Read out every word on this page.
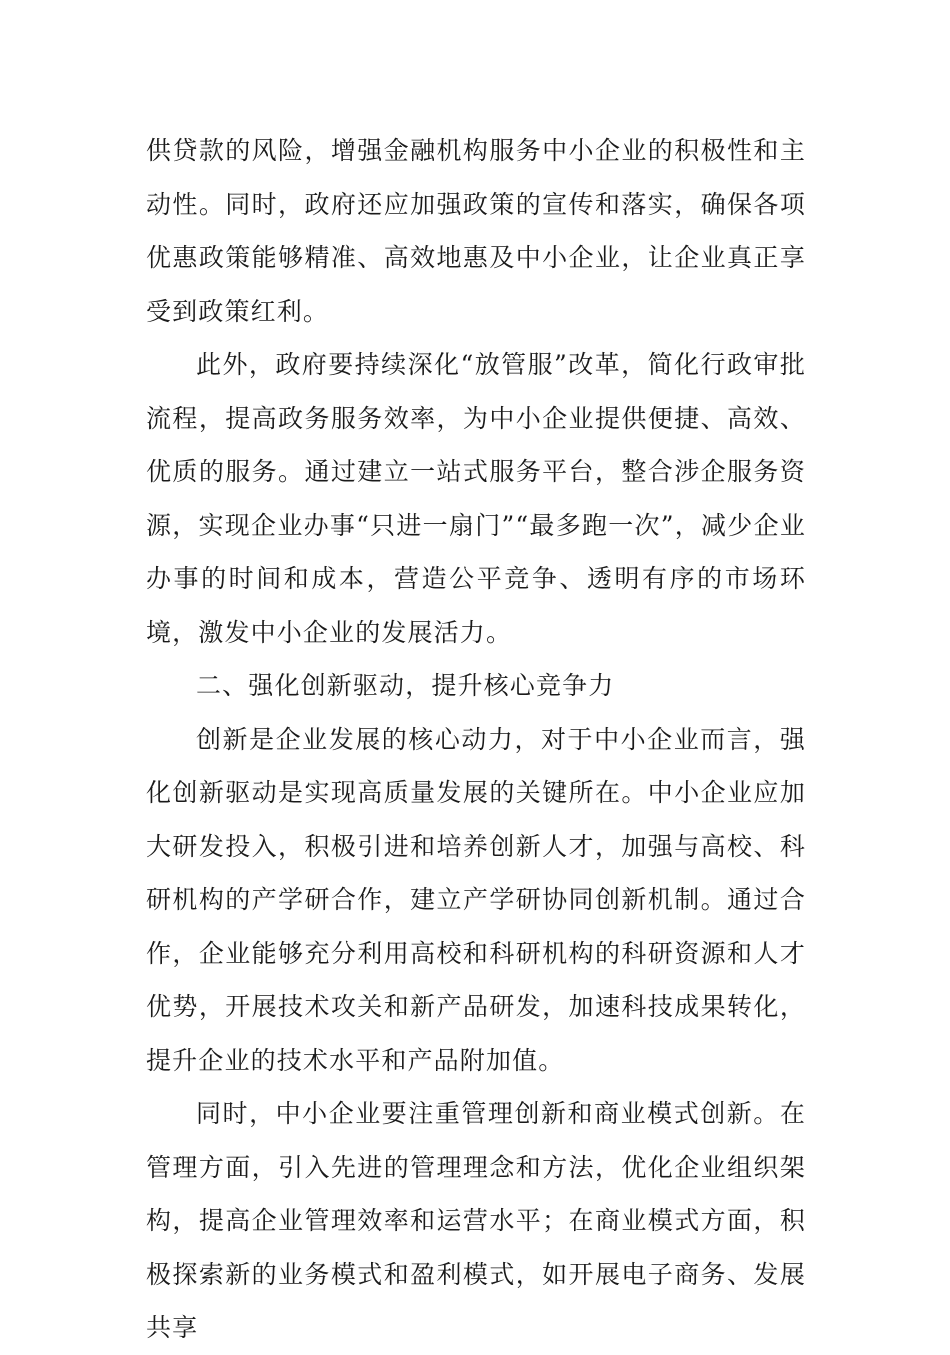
供贷款的风险，增强金融机构服务中小企业的积极性和主动性。同时，政府还应加强政策的宣传和落实，确保各项优惠政策能够精准、高效地惠及中小企业，让企业真正享受到政策红利。

此外，政府要持续深化“放管服”改革，简化行政审批流程，提高政务服务效率，为中小企业提供便捷、高效、优质的服务。通过建立一站式服务平台，整合涉企服务资源，实现企业办事“只进一扇门”“最多跑一次”，减少企业办事的时间和成本，营造公平竞争、透明有序的市场环境，激发中小企业的发展活力。

二、强化创新驱动，提升核心竞争力

创新是企业发展的核心动力，对于中小企业而言，强化创新驱动是实现高质量发展的关键所在。中小企业应加大研发投入，积极引进和培养创新人才，加强与高校、科研机构的产学研合作，建立产学研协同创新机制。通过合作，企业能够充分利用高校和科研机构的科研资源和人才优势，开展技术攻关和新产品研发，加速科技成果转化，提升企业的技术水平和产品附加值。

同时，中小企业要注重管理创新和商业模式创新。在管理方面，引入先进的管理理念和方法，优化企业组织架构，提高企业管理效率和运营水平；在商业模式方面，积极探索新的业务模式和盈利模式，如开展电子商务、发展共享
